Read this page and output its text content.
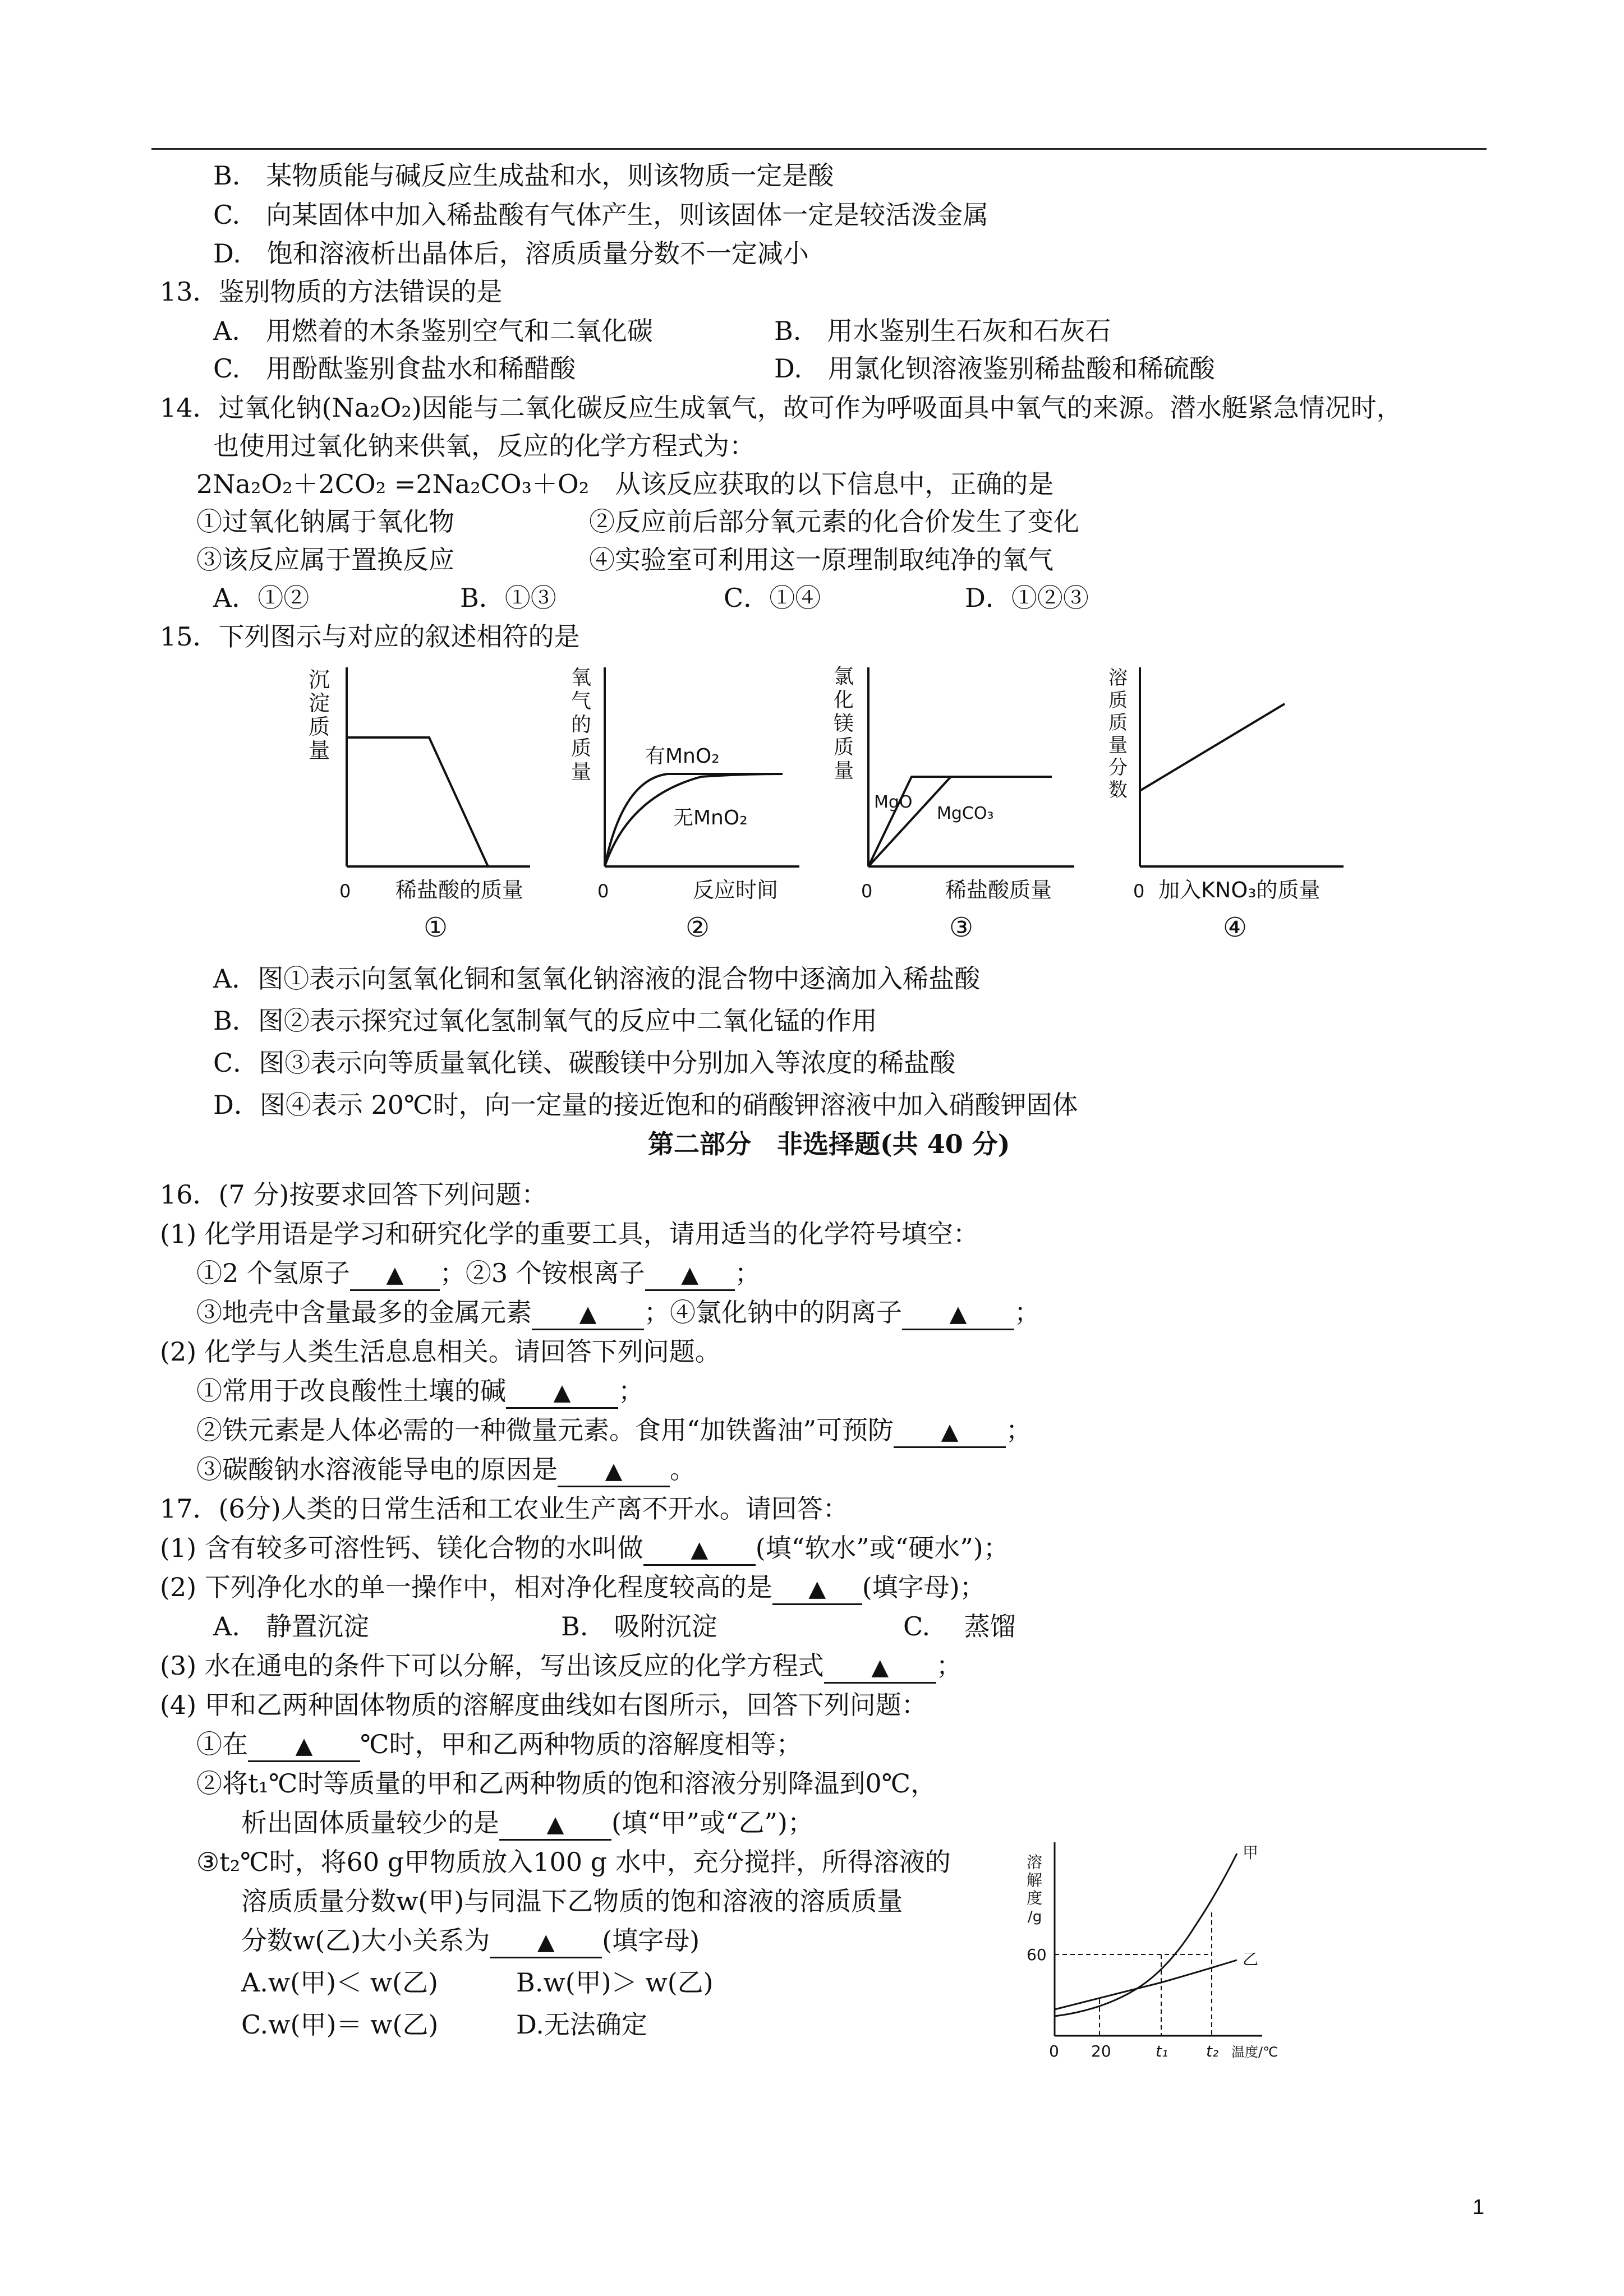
B.　某物质能与碱反应生成盐和水，则该物质一定是酸
C.　向某固体中加入稀盐酸有气体产生，则该固体一定是较活泼金属
D.　饱和溶液析出晶体后，溶质质量分数不一定减小
13．鉴别物质的方法错误的是
A.　用燃着的木条鉴别空气和二氧化碳	B.　用水鉴别生石灰和石灰石
C.　用酚酞鉴别食盐水和稀醋酸	D.　用氯化钡溶液鉴别稀盐酸和稀硫酸
14．过氧化钠(Na₂O₂)因能与二氧化碳反应生成氧气，故可作为呼吸面具中氧气的来源。潜水艇紧急情况时，
也使用过氧化钠来供氧，反应的化学方程式为：
2Na₂O₂＋2CO₂ =2Na₂CO₃＋O₂　从该反应获取的以下信息中，正确的是
①过氧化钠属于氧化物	②反应前后部分氧元素的化合价发生了变化
③该反应属于置换反应	④实验室可利用这一原理制取纯净的氧气
A．①②	B．①③	C．①④	D．①②③
15．下列图示与对应的叙述相符的是
沉
淀
质
量
0 稀盐酸的质量
①
氧
气
的
质
量
有MnO₂
无MnO₂
0	反应时间
②
氯
化
镁
质
量
MgO
MgCO₃
0	稀盐酸质量
③
溶
质
质
量
分
数
0 加入KNO₃的质量
④
A．图①表示向氢氧化铜和氢氧化钠溶液的混合物中逐滴加入稀盐酸
B．图②表示探究过氧化氢制氧气的反应中二氧化锰的作用
C．图③表示向等质量氧化镁、碳酸镁中分别加入等浓度的稀盐酸
D．图④表示 20℃时，向一定量的接近饱和的硝酸钾溶液中加入硝酸钾固体
第二部分　非选择题(共 40 分)
16．(7 分)按要求回答下列问题：
(1) 化学用语是学习和研究化学的重要工具，请用适当的化学符号填空：
①2 个氢原子 ▲ ；②3 个铵根离子 ▲ ；
③地壳中含量最多的金属元素 ▲ ；④氯化钠中的阴离子 ▲ ；
(2) 化学与人类生活息息相关。请回答下列问题。
①常用于改良酸性土壤的碱 ▲ ；
②铁元素是人体必需的一种微量元素。食用“加铁酱油”可预防 ▲ ；
③碳酸钠水溶液能导电的原因是 ▲ 。
17．(6分)人类的日常生活和工农业生产离不开水。请回答：
(1) 含有较多可溶性钙、镁化合物的水叫做 ▲ (填“软水”或“硬水”)；
(2) 下列净化水的单一操作中，相对净化程度较高的是 ▲ (填字母)；
A.　静置沉淀	B.　吸附沉淀	C.　 蒸馏
(3) 水在通电的条件下可以分解，写出该反应的化学方程式 ▲ ；
(4) 甲和乙两种固体物质的溶解度曲线如右图所示，回答下列问题：
①在 ▲ ℃时，甲和乙两种物质的溶解度相等；
②将t₁℃时等质量的甲和乙两种物质的饱和溶液分别降温到0℃，
析出固体质量较少的是 ▲ (填“甲”或“乙”)；
③t₂℃时，将60 g甲物质放入100 g 水中，充分搅拌，所得溶液的
溶质质量分数w(甲)与同温下乙物质的饱和溶液的溶质质量
分数w(乙)大小关系为 ▲ (填字母)
A.w(甲)＜ w(乙)	B.w(甲)＞ w(乙)
C.w(甲)＝ w(乙)	D.无法确定
溶
解
度
/g
60
0 20	t₁ t₂ 温度/℃
甲
乙
1
